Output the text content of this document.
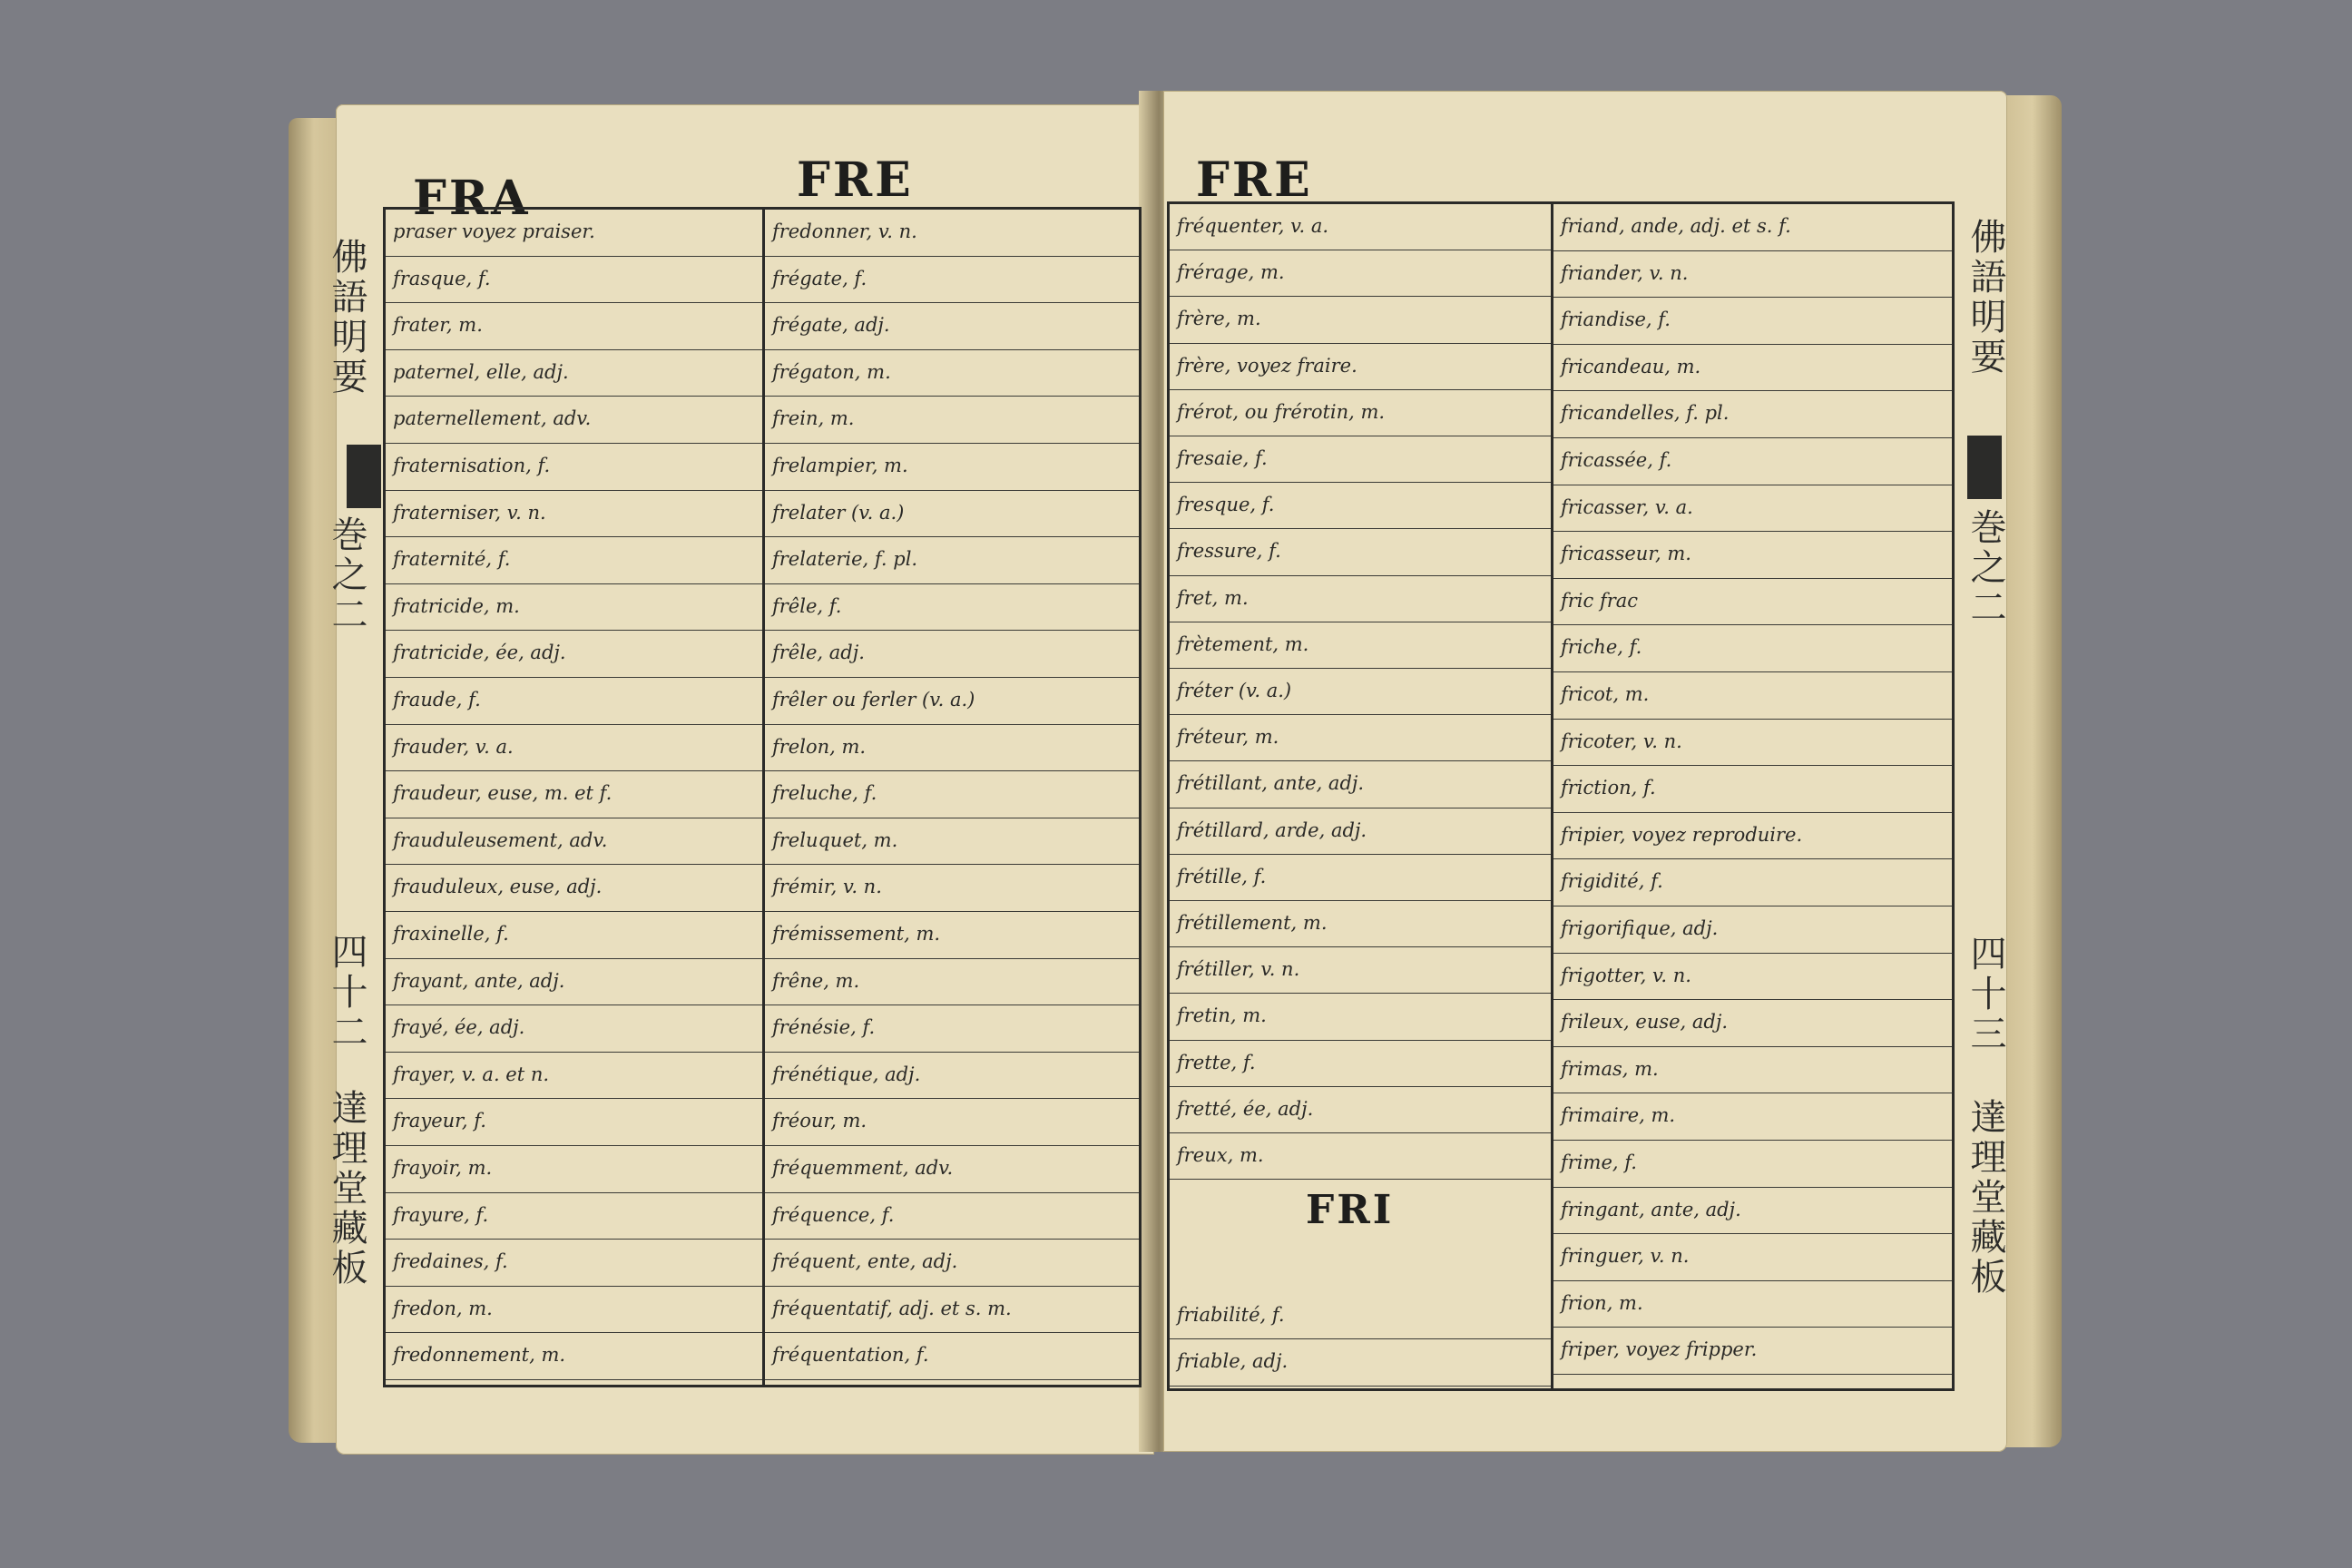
FRA	FRE
佛語明要
巻之二
四十二
達理堂藏板
praser voyez praiser.
frasque, f.
frater, m.
paternel, elle, adj.
paternellement, adv.
fraternisation, f.
fraterniser, v. n.
fraternité, f.
fratricide, m.
fratricide, ée, adj.
fraude, f.
frauder, v. a.
fraudeur, euse, m. et f.
frauduleusement, adv.
frauduleux, euse, adj.
fraxinelle, f.
frayant, ante, adj.
frayé, ée, adj.
frayer, v. a. et n.
frayeur, f.
frayoir, m.
frayure, f.
fredaines, f.
fredon, m.
fredonnement, m.
fredonner, v. n.
frégate, f.
frégate, adj.
frégaton, m.
frein, m.
frelampier, m.
frelater (v. a.)
frelaterie, f. pl.
frêle, f.
frêle, adj.
frêler ou ferler (v. a.)
frelon, m.
freluche, f.
freluquet, m.
frémir, v. n.
frémissement, m.
frêne, m.
frénésie, f.
frénétique, adj.
fréour, m.
fréquemment, adv.
fréquence, f.
fréquent, ente, adj.
fréquentatif, adj. et s. m.
fréquentation, f.
FRE
佛語明要
巻之二
四十三
達理堂藏板
fréquenter, v. a.
frérage, m.
frère, m.
frère, voyez fraire.
frérot, ou frérotin, m.
fresaie, f.
fresque, f.
fressure, f.
fret, m.
frètement, m.
fréter (v. a.)
fréteur, m.
frétillant, ante, adj.
frétillard, arde, adj.
frétille, f.
frétillement, m.
frétiller, v. n.
fretin, m.
frette, f.
fretté, ée, adj.
freux, m.
FRI
friabilité, f.
friable, adj.
friand, ande, adj. et s. f.
friander, v. n.
friandise, f.
fricandeau, m.
fricandelles, f. pl.
fricassée, f.
fricasser, v. a.
fricasseur, m.
fric frac
friche, f.
fricot, m.
fricoter, v. n.
friction, f.
fripier, voyez reproduire.
frigidité, f.
frigorifique, adj.
frigotter, v. n.
frileux, euse, adj.
frimas, m.
frimaire, m.
frime, f.
fringant, ante, adj.
fringuer, v. n.
frion, m.
friper, voyez fripper.
